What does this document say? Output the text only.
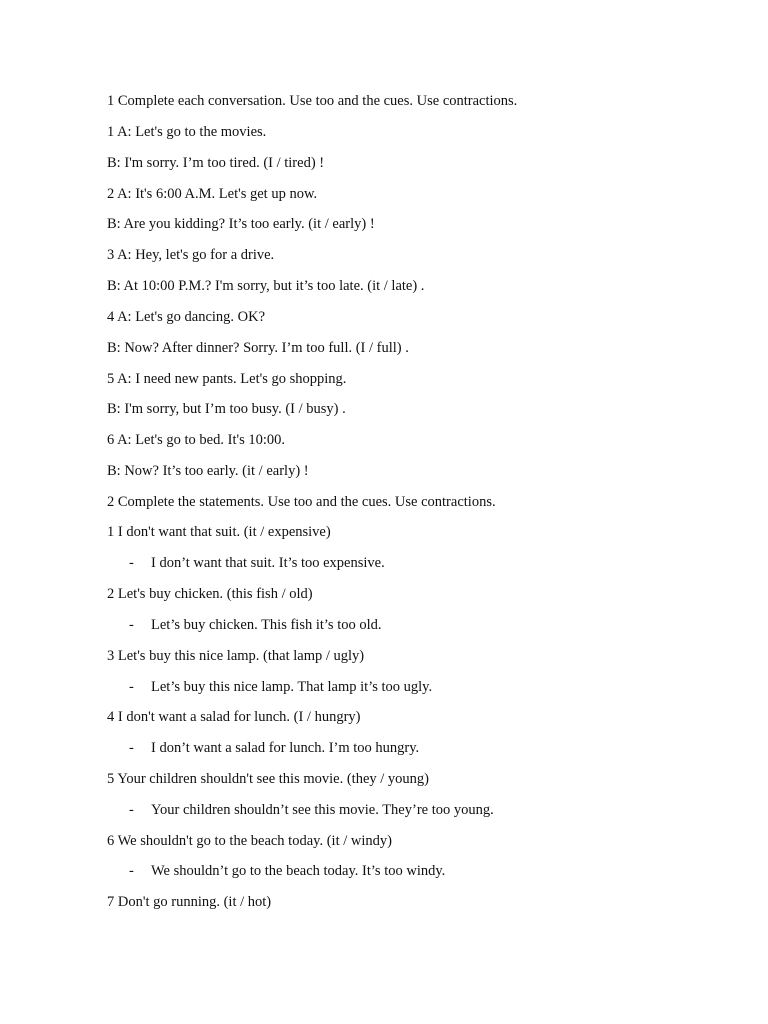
1 Complete each conversation. Use too and the cues. Use contractions.
1 A: Let's go to the movies.
B: I'm sorry. I’m too tired. (I / tired) !
2 A: It's 6:00 A.M. Let's get up now.
B: Are you kidding? It’s too early. (it / early) !
3 A: Hey, let's go for a drive.
B: At 10:00 P.M.? I'm sorry, but it’s too late. (it / late) .
4 A: Let's go dancing. OK?
B: Now? After dinner? Sorry. I’m too full. (I / full) .
5 A: I need new pants. Let's go shopping.
B: I'm sorry, but I’m too busy. (I / busy) .
6 A: Let's go to bed. It's 10:00.
B: Now? It’s too early. (it / early) !
2 Complete the statements. Use too and the cues. Use contractions.
1 I don't want that suit. (it / expensive)
- I don’t want that suit. It’s too expensive.
2 Let's buy chicken. (this fish / old)
- Let’s buy chicken. This fish it’s too old.
3 Let's buy this nice lamp. (that lamp / ugly)
- Let’s buy this nice lamp. That lamp it’s too ugly.
4 I don't want a salad for lunch. (I / hungry)
- I don’t want a salad for lunch. I’m too hungry.
5 Your children shouldn't see this movie. (they / young)
- Your children shouldn’t see this movie. They’re too young.
6 We shouldn't go to the beach today. (it / windy)
- We shouldn’t go to the beach today. It’s too windy.
7 Don't go running. (it / hot)
